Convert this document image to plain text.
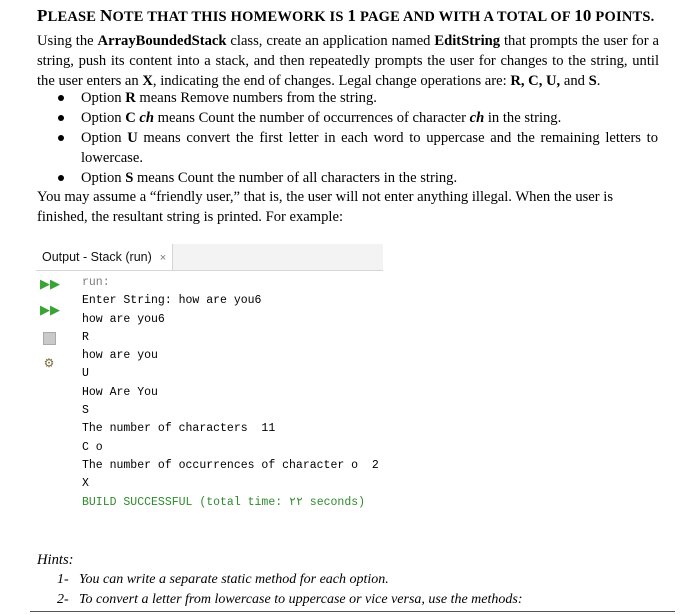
PLEASE NOTE THAT THIS HOMEWORK IS 1 PAGE AND WITH A TOTAL OF 10 POINTS.
Using the ArrayBoundedStack class, create an application named EditString that prompts the user for a string, push its content into a stack, and then repeatedly prompts the user for changes to the string, until the user enters an X, indicating the end of changes. Legal change operations are: R, C, U, and S.
Option R means Remove numbers from the string.
Option C ch means Count the number of occurrences of character ch in the string.
Option U means convert the first letter in each word to uppercase and the remaining letters to lowercase.
Option S means Count the number of all characters in the string.
You may assume a “friendly user,” that is, the user will not enter anything illegal. When the user is finished, the resultant string is printed. For example:
Output - Stack (run) ×
▶▶
▶▶
⚙
run:
Enter String: how are you6
how are you6
R
how are you
U
How Are You
S
The number of characters  11
C o
The number of occurrences of character o  2
X
BUILD SUCCESSFUL (total time: ٢٢ seconds)
Hints:
1- You can write a separate static method for each option.
2- To convert a letter from lowercase to uppercase or vice versa, use the methods:
